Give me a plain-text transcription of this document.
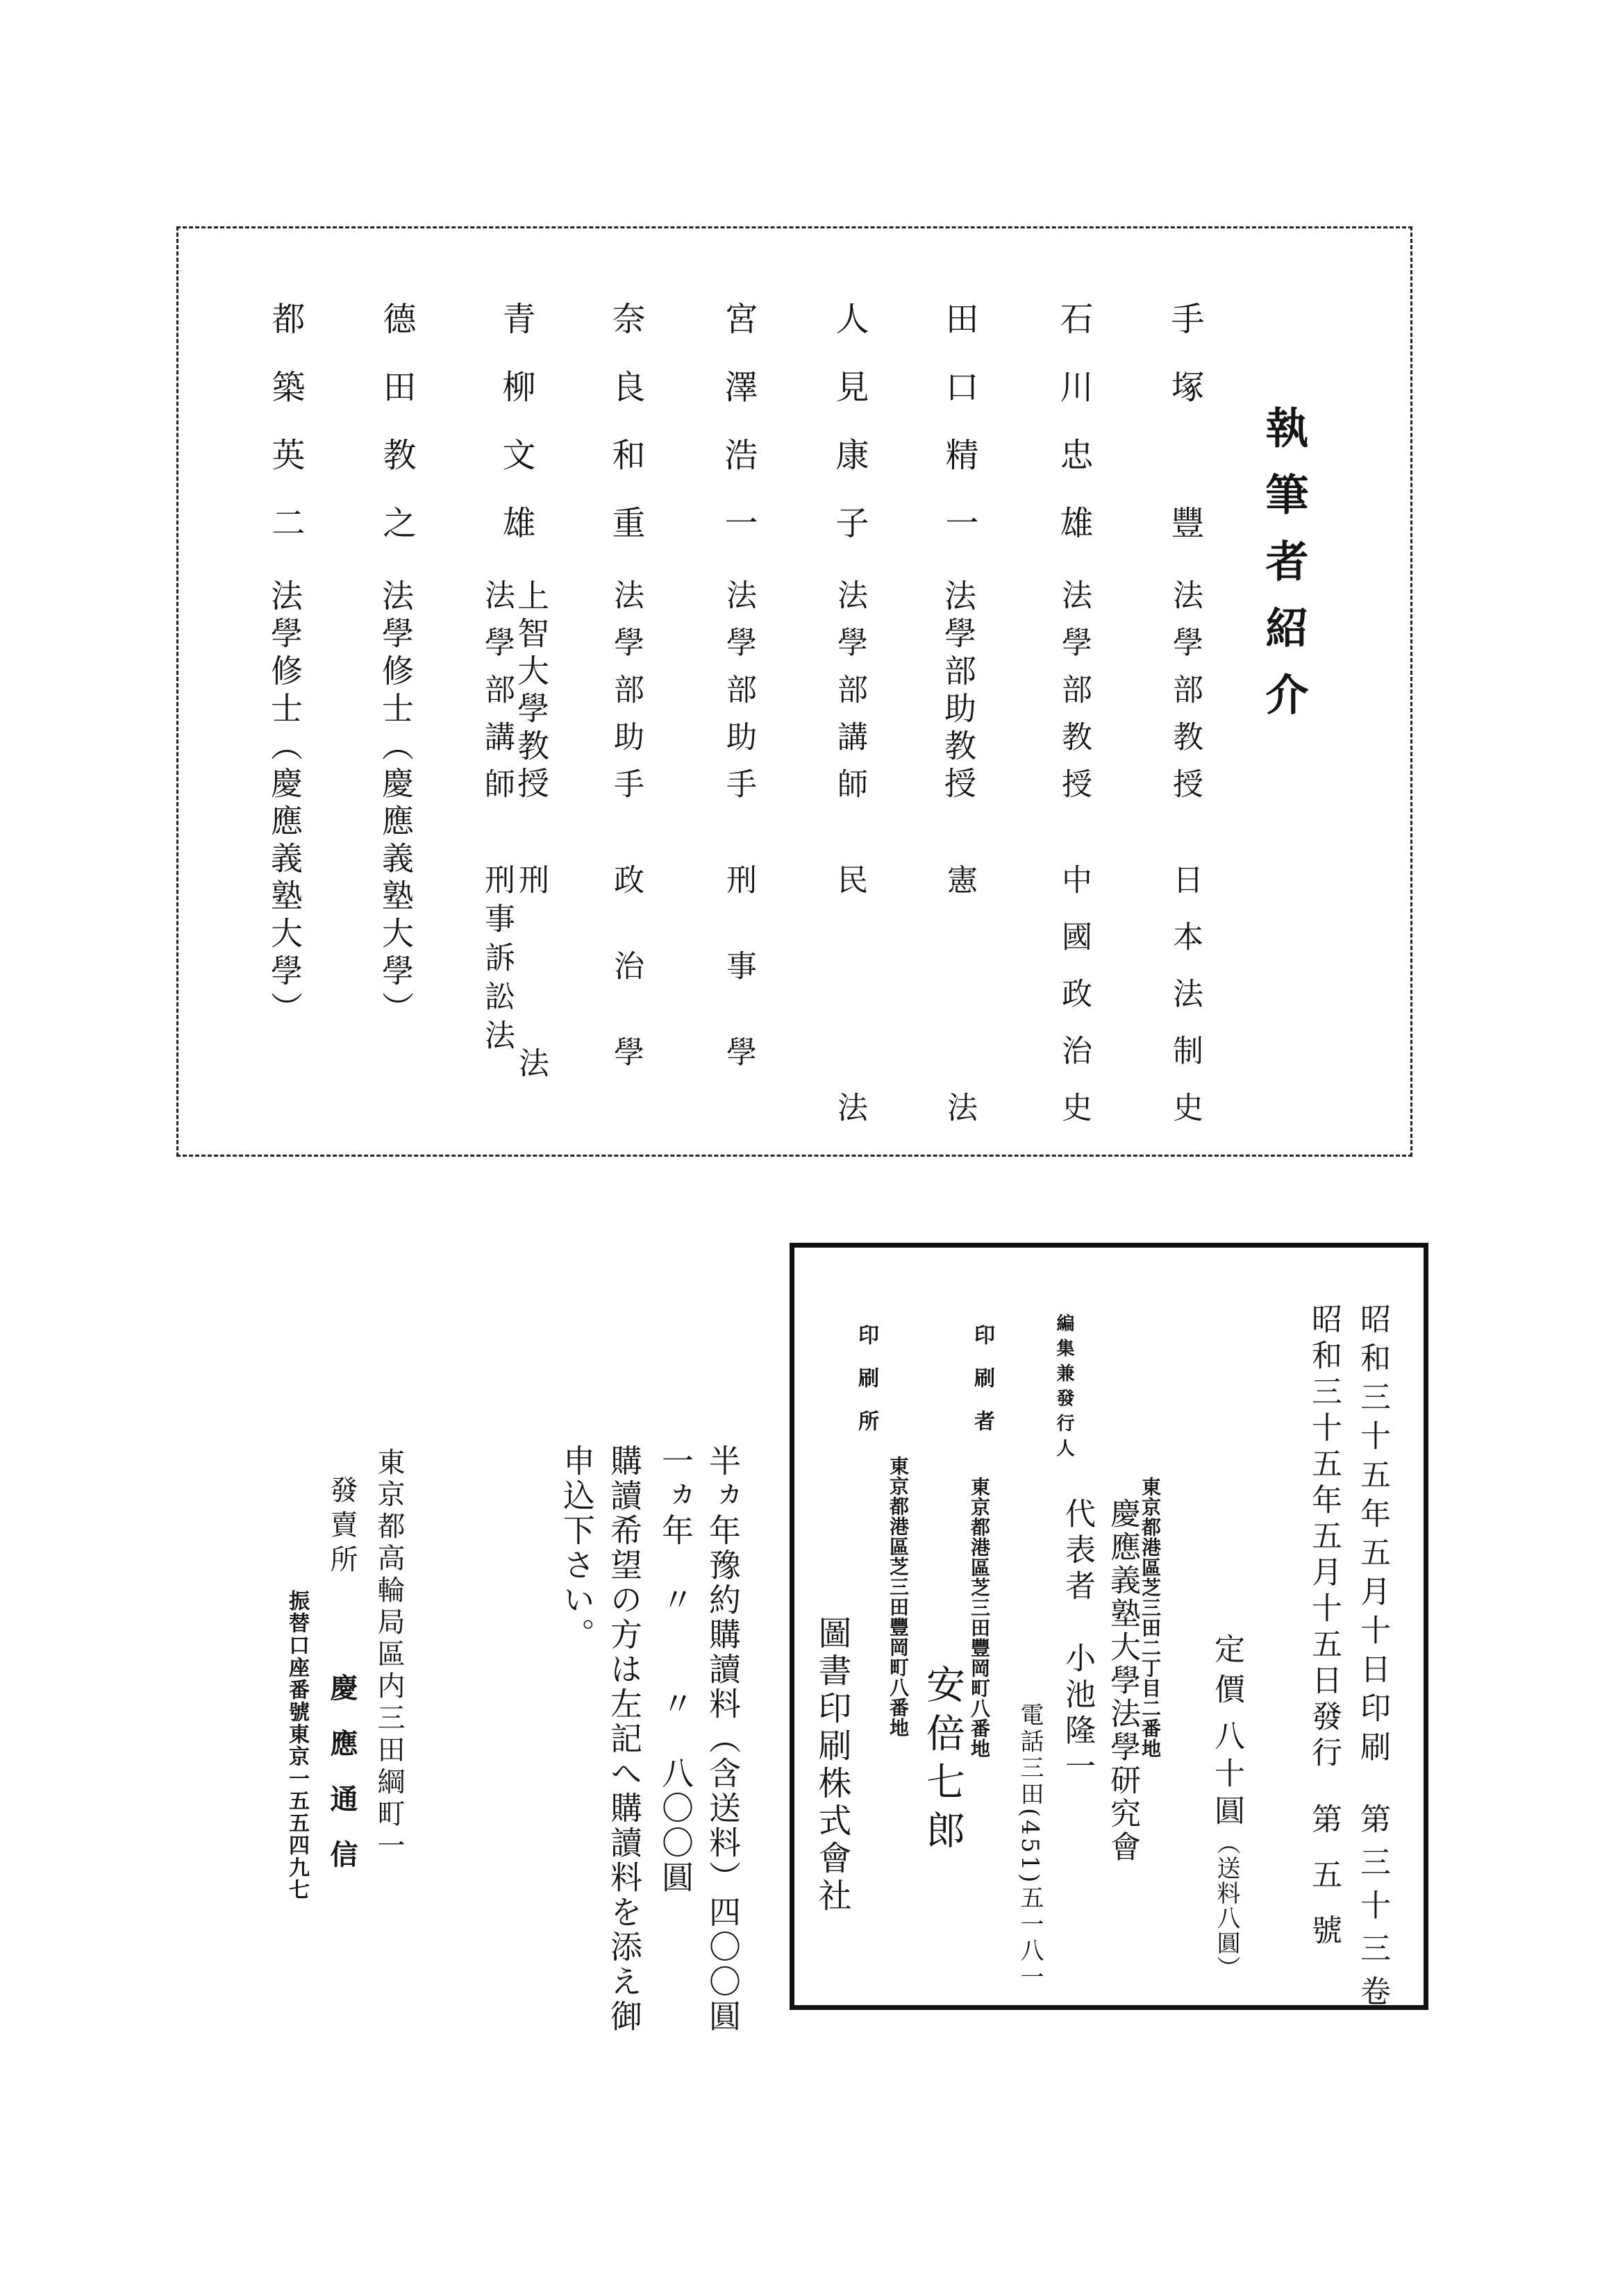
執筆者紹介
手塚　豐
法學部教授
日本法制史
石川忠雄
法學部教授
中國政治史
田口精一
法學部助教授
憲　法
人見康子
法學部講師
民　法
宮澤浩一
法學部助手
刑事學
奈良和重
法學部助手
政治學
青柳文雄
上智大學教授
法學部講師
刑法
刑事訴訟法
德田教之
法學修士（慶應義塾大學）
都築英二
法學修士（慶應義塾大學）
昭和三十五年五月十日印刷
昭和三十五年五月十五日發行
第三十三卷
第五號
定價
八十圓
（送料八圓）
編集兼發行人
東京都港區芝三田二丁目二番地
慶應義塾大學法學研究會
代表者　小池隆一
電話三田(451)五一八一
印刷者
東京都港區芝三田豐岡町八番地
安倍七郎
印刷所
東京都港區芝三田豐岡町八番地
圖書印刷株式會社
半ヵ年豫約購讀料（含送料）四〇〇圓
一ヵ年　〃　　〃　八〇〇圓
購讀希望の方は左記へ購讀料を添え御
申込下さい。
東京都高輪局區内三田綱町一
發賣所
慶應通信
振替口座番號東京一五五四九七
